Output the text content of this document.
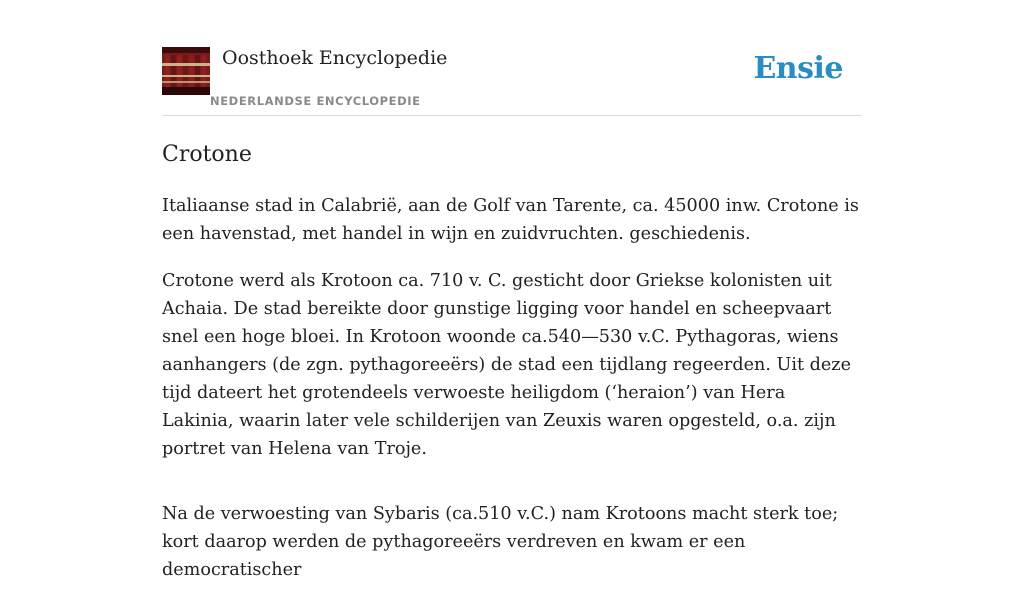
Oosthoek Encyclopedie
NEDERLANDSE ENCYCLOPEDIE
Ensie
Crotone

Italiaanse stad in Calabrië, aan de Golf van Tarente, ca. 45000 inw. Crotone is een havenstad, met handel in wijn en zuidvruchten. geschiedenis.

Crotone werd als Krotoon ca. 710 v. C. gesticht door Griekse kolonisten uit Achaia. De stad bereikte door gunstige ligging voor handel en scheepvaart snel een hoge bloei. In Krotoon woonde ca.540—530 v.C. Pythagoras, wiens aanhangers (de zgn. pythagoreeërs) de stad een tijdlang regeerden. Uit deze tijd dateert het grotendeels verwoeste heiligdom (‘heraion’) van Hera Lakinia, waarin later vele schilderijen van Zeuxis waren opgesteld, o.a. zijn portret van Helena van Troje.

Na de verwoesting van Sybaris (ca.510 v.C.) nam Krotoons macht sterk toe; kort daarop werden de pythagoreeërs verdreven en kwam er een democratischer
